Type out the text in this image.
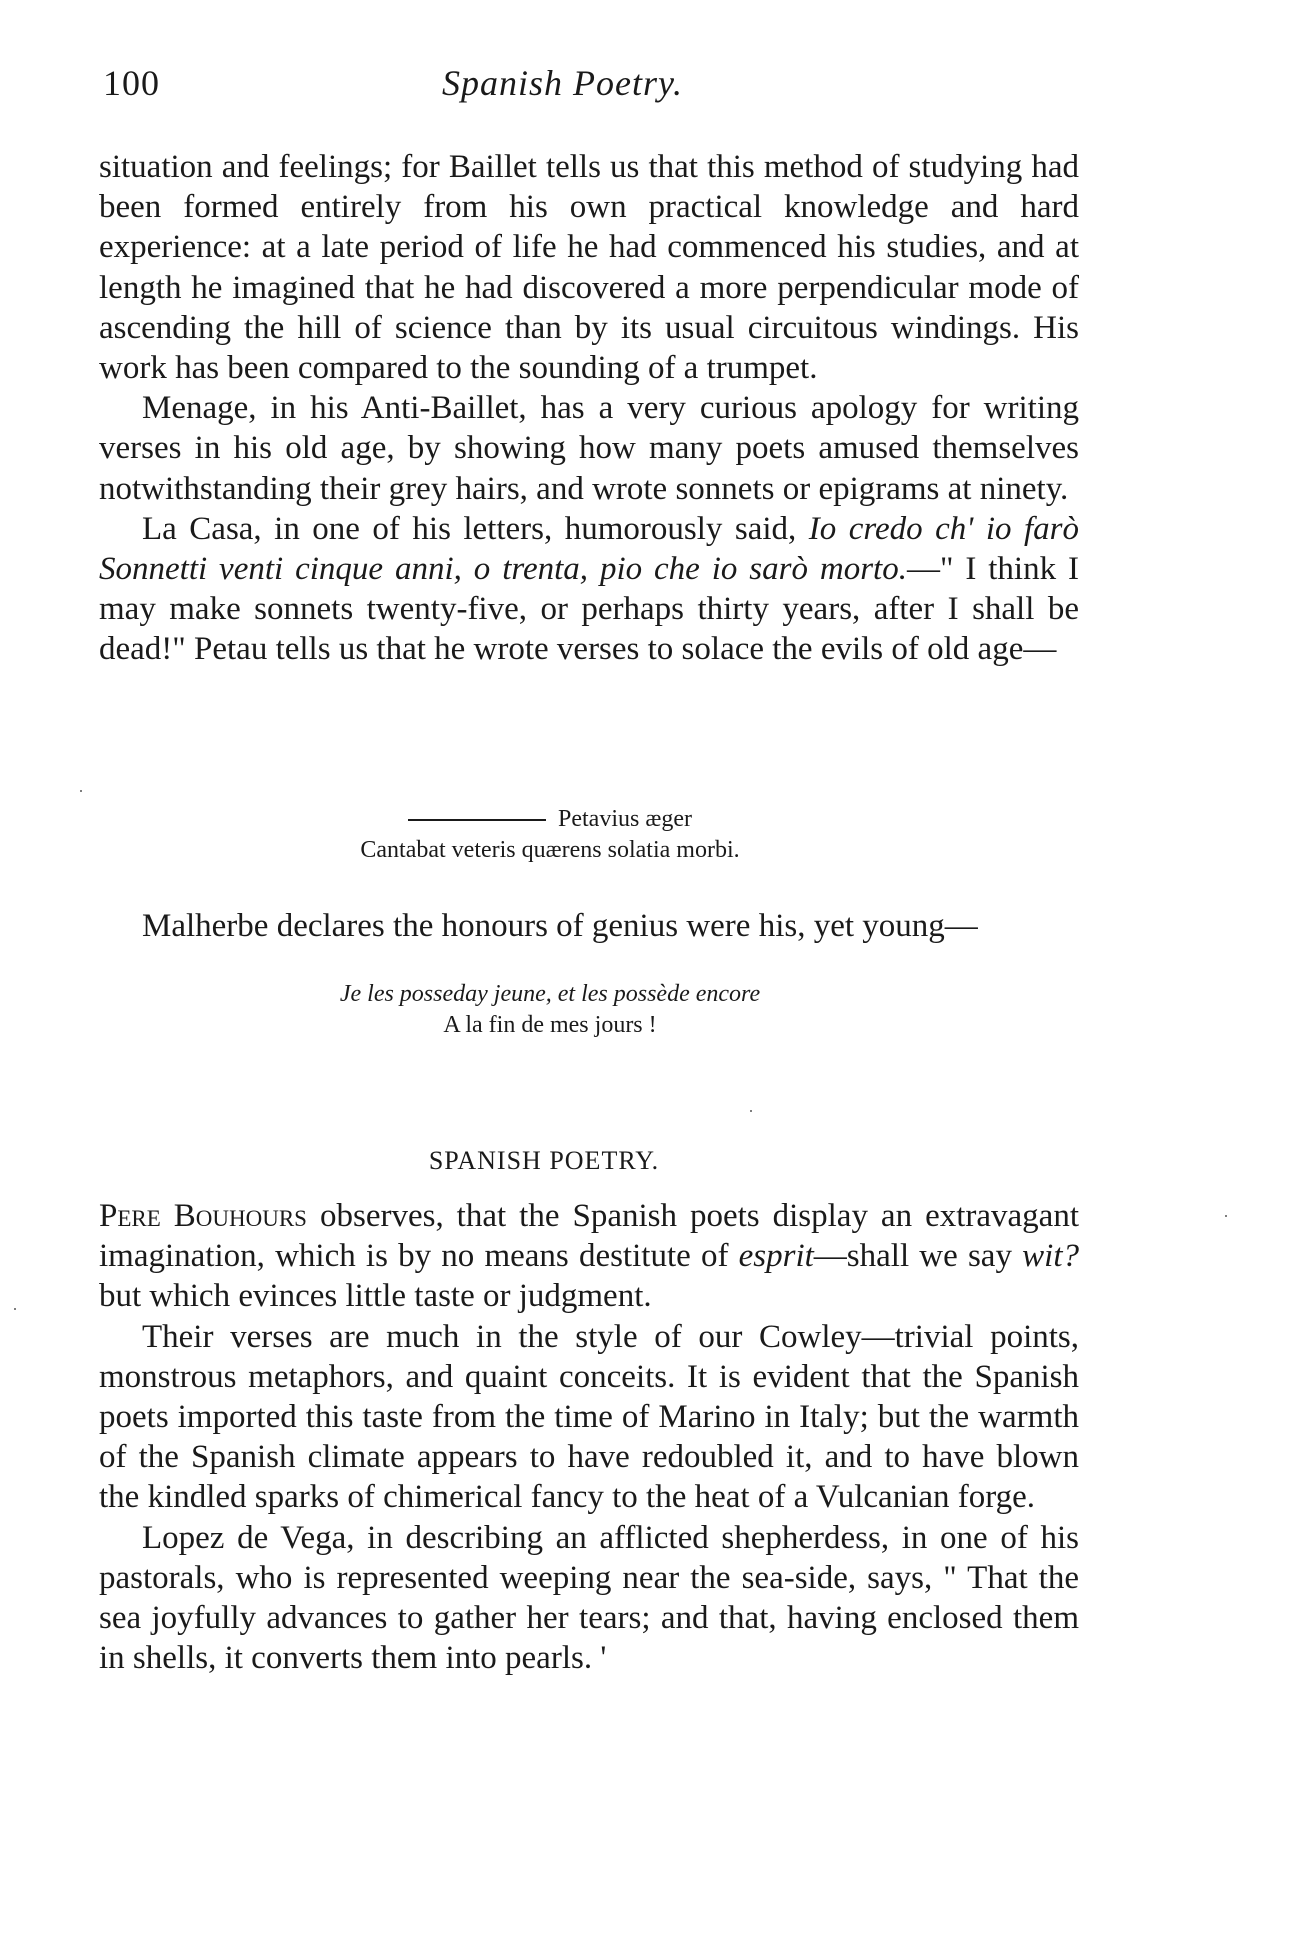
100	Spanish Poetry.

situation and feelings; for Baillet tells us that this method of studying had been formed entirely from his own practical knowledge and hard experience: at a late period of life he had commenced his studies, and at length he imagined that he had discovered a more perpendicular mode of ascending the hill of science than by its usual circuitous windings. His work has been compared to the sounding of a trumpet.

Menage, in his Anti-Baillet, has a very curious apology for writing verses in his old age, by showing how many poets amused themselves notwithstanding their grey hairs, and wrote sonnets or epigrams at ninety.

La Casa, in one of his letters, humorously said, Io credo ch' io farò Sonnetti venti cinque anni, o trenta, pio che io sarò morto.—" I think I may make sonnets twenty-five, or perhaps thirty years, after I shall be dead!" Petau tells us that he wrote verses to solace the evils of old age—

Petavius æger
Cantabat veteris quærens solatia morbi.

Malherbe declares the honours of genius were his, yet young—

Je les posseday jeune, et les possède encore
A la fin de mes jours !
SPANISH POETRY.

Pere Bouhours observes, that the Spanish poets display an extravagant imagination, which is by no means destitute of esprit—shall we say wit? but which evinces little taste or judgment.

Their verses are much in the style of our Cowley—trivial points, monstrous metaphors, and quaint conceits. It is evident that the Spanish poets imported this taste from the time of Marino in Italy; but the warmth of the Spanish climate appears to have redoubled it, and to have blown the kindled sparks of chimerical fancy to the heat of a Vulcanian forge.

Lopez de Vega, in describing an afflicted shepherdess, in one of his pastorals, who is represented weeping near the sea-side, says, " That the sea joyfully advances to gather her tears; and that, having enclosed them in shells, it converts them into pearls. '
